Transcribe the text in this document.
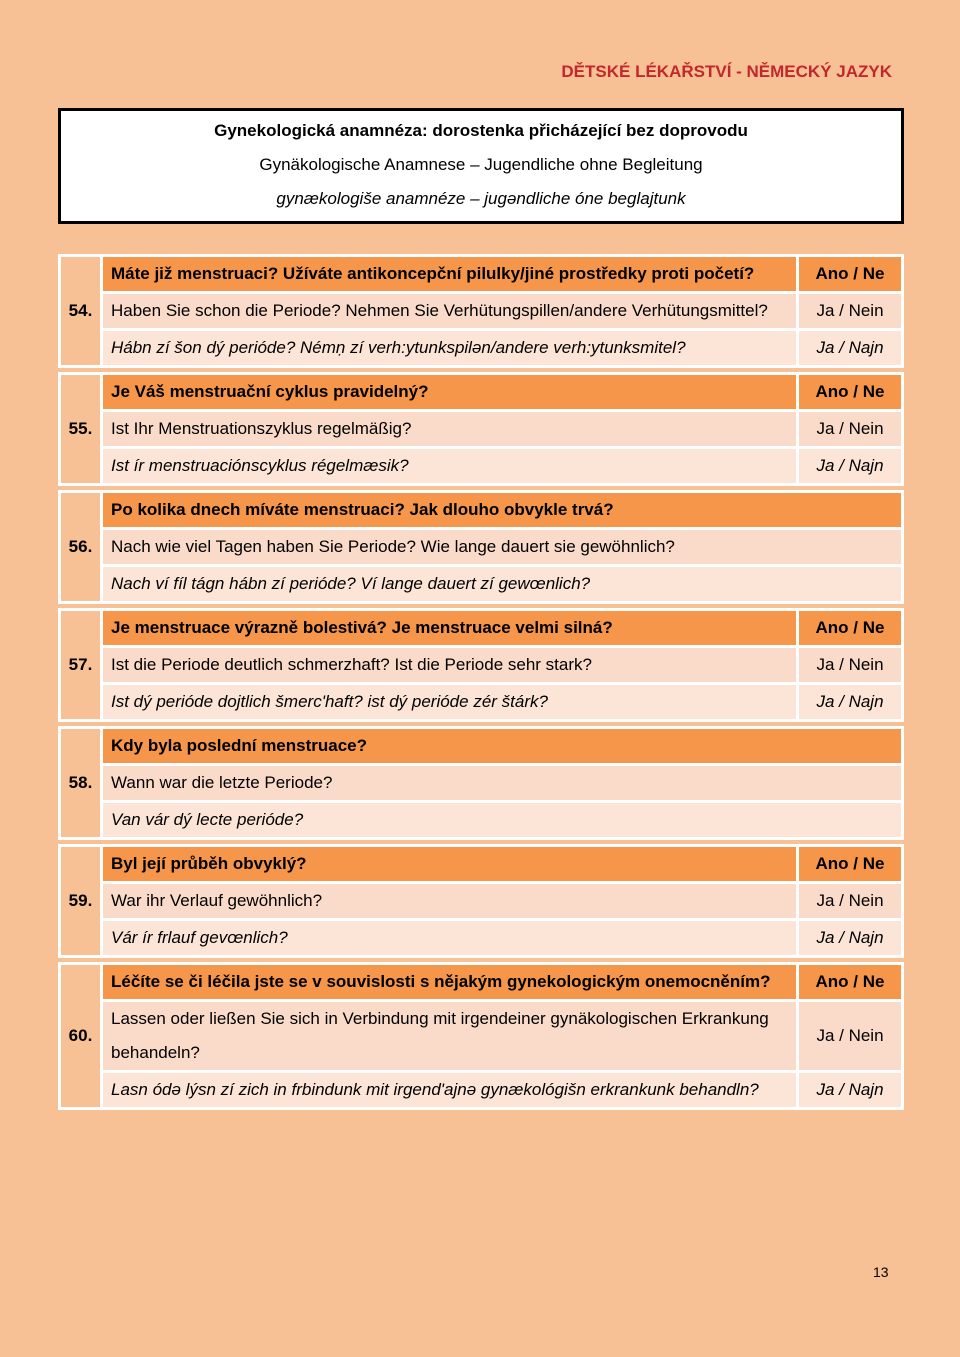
DĚTSKÉ LÉKAŘSTVÍ - NĚMECKÝ JAZYK
Gynekologická anamnéza: dorostenka přicházející bez doprovodu
Gynäkologische Anamnese – Jugendliche ohne Begleitung
gynækologiše anamnéze – jugəndliche óne beglajtunk
54.	Máte již menstruaci? Užíváte antikoncepční pilulky/jiné prostředky proti početí?	Ano / Ne
	Haben Sie schon die Periode? Nehmen Sie Verhütungspillen/andere Verhütungsmittel?	Ja / Nein
	Hábn zí šon dý perióde? Némṇ zí verh:ytunkspilən/andere verh:ytunksmitel?	Ja / Najn

55.	Je Váš menstruační cyklus pravidelný?	Ano / Ne
	Ist Ihr Menstruationszyklus regelmäßig?	Ja / Nein
	Ist ír menstruaciónscyklus régelmæsik?	Ja / Najn

56.	Po kolika dnech míváte menstruaci? Jak dlouho obvykle trvá?	
	Nach wie viel Tagen haben Sie Periode? Wie lange dauert sie gewöhnlich?	
	Nach ví fíl tágn hábn zí perióde? Ví lange dauert zí gewœnlich?	

57.	Je menstruace výrazně bolestivá? Je menstruace velmi silná?	Ano / Ne
	Ist die Periode deutlich schmerzhaft? Ist die Periode sehr stark?	Ja / Nein
	Ist dý perióde dojtlich šmerc'haft? ist dý perióde zér štárk?	Ja / Najn

58.	Kdy byla poslední menstruace?	
	Wann war die letzte Periode?	
	Van vár dý lecte perióde?	

59.	Byl její průběh obvyklý?	Ano / Ne
	War ihr Verlauf gewöhnlich?	Ja / Nein
	Vár ír frlauf gevœnlich?	Ja / Najn

60.	Léčíte se či léčila jste se v souvislosti s nějakým gynekologickým onemocněním?	Ano / Ne
	Lassen oder ließen Sie sich in Verbindung mit irgendeiner gynäkologischen Erkrankung behandeln?	Ja / Nein
	Lasn ódə lýsn zí zich in frbindunk mit irgend'ajnə gynækológišn erkrankunk behandln?	Ja / Najn
13
